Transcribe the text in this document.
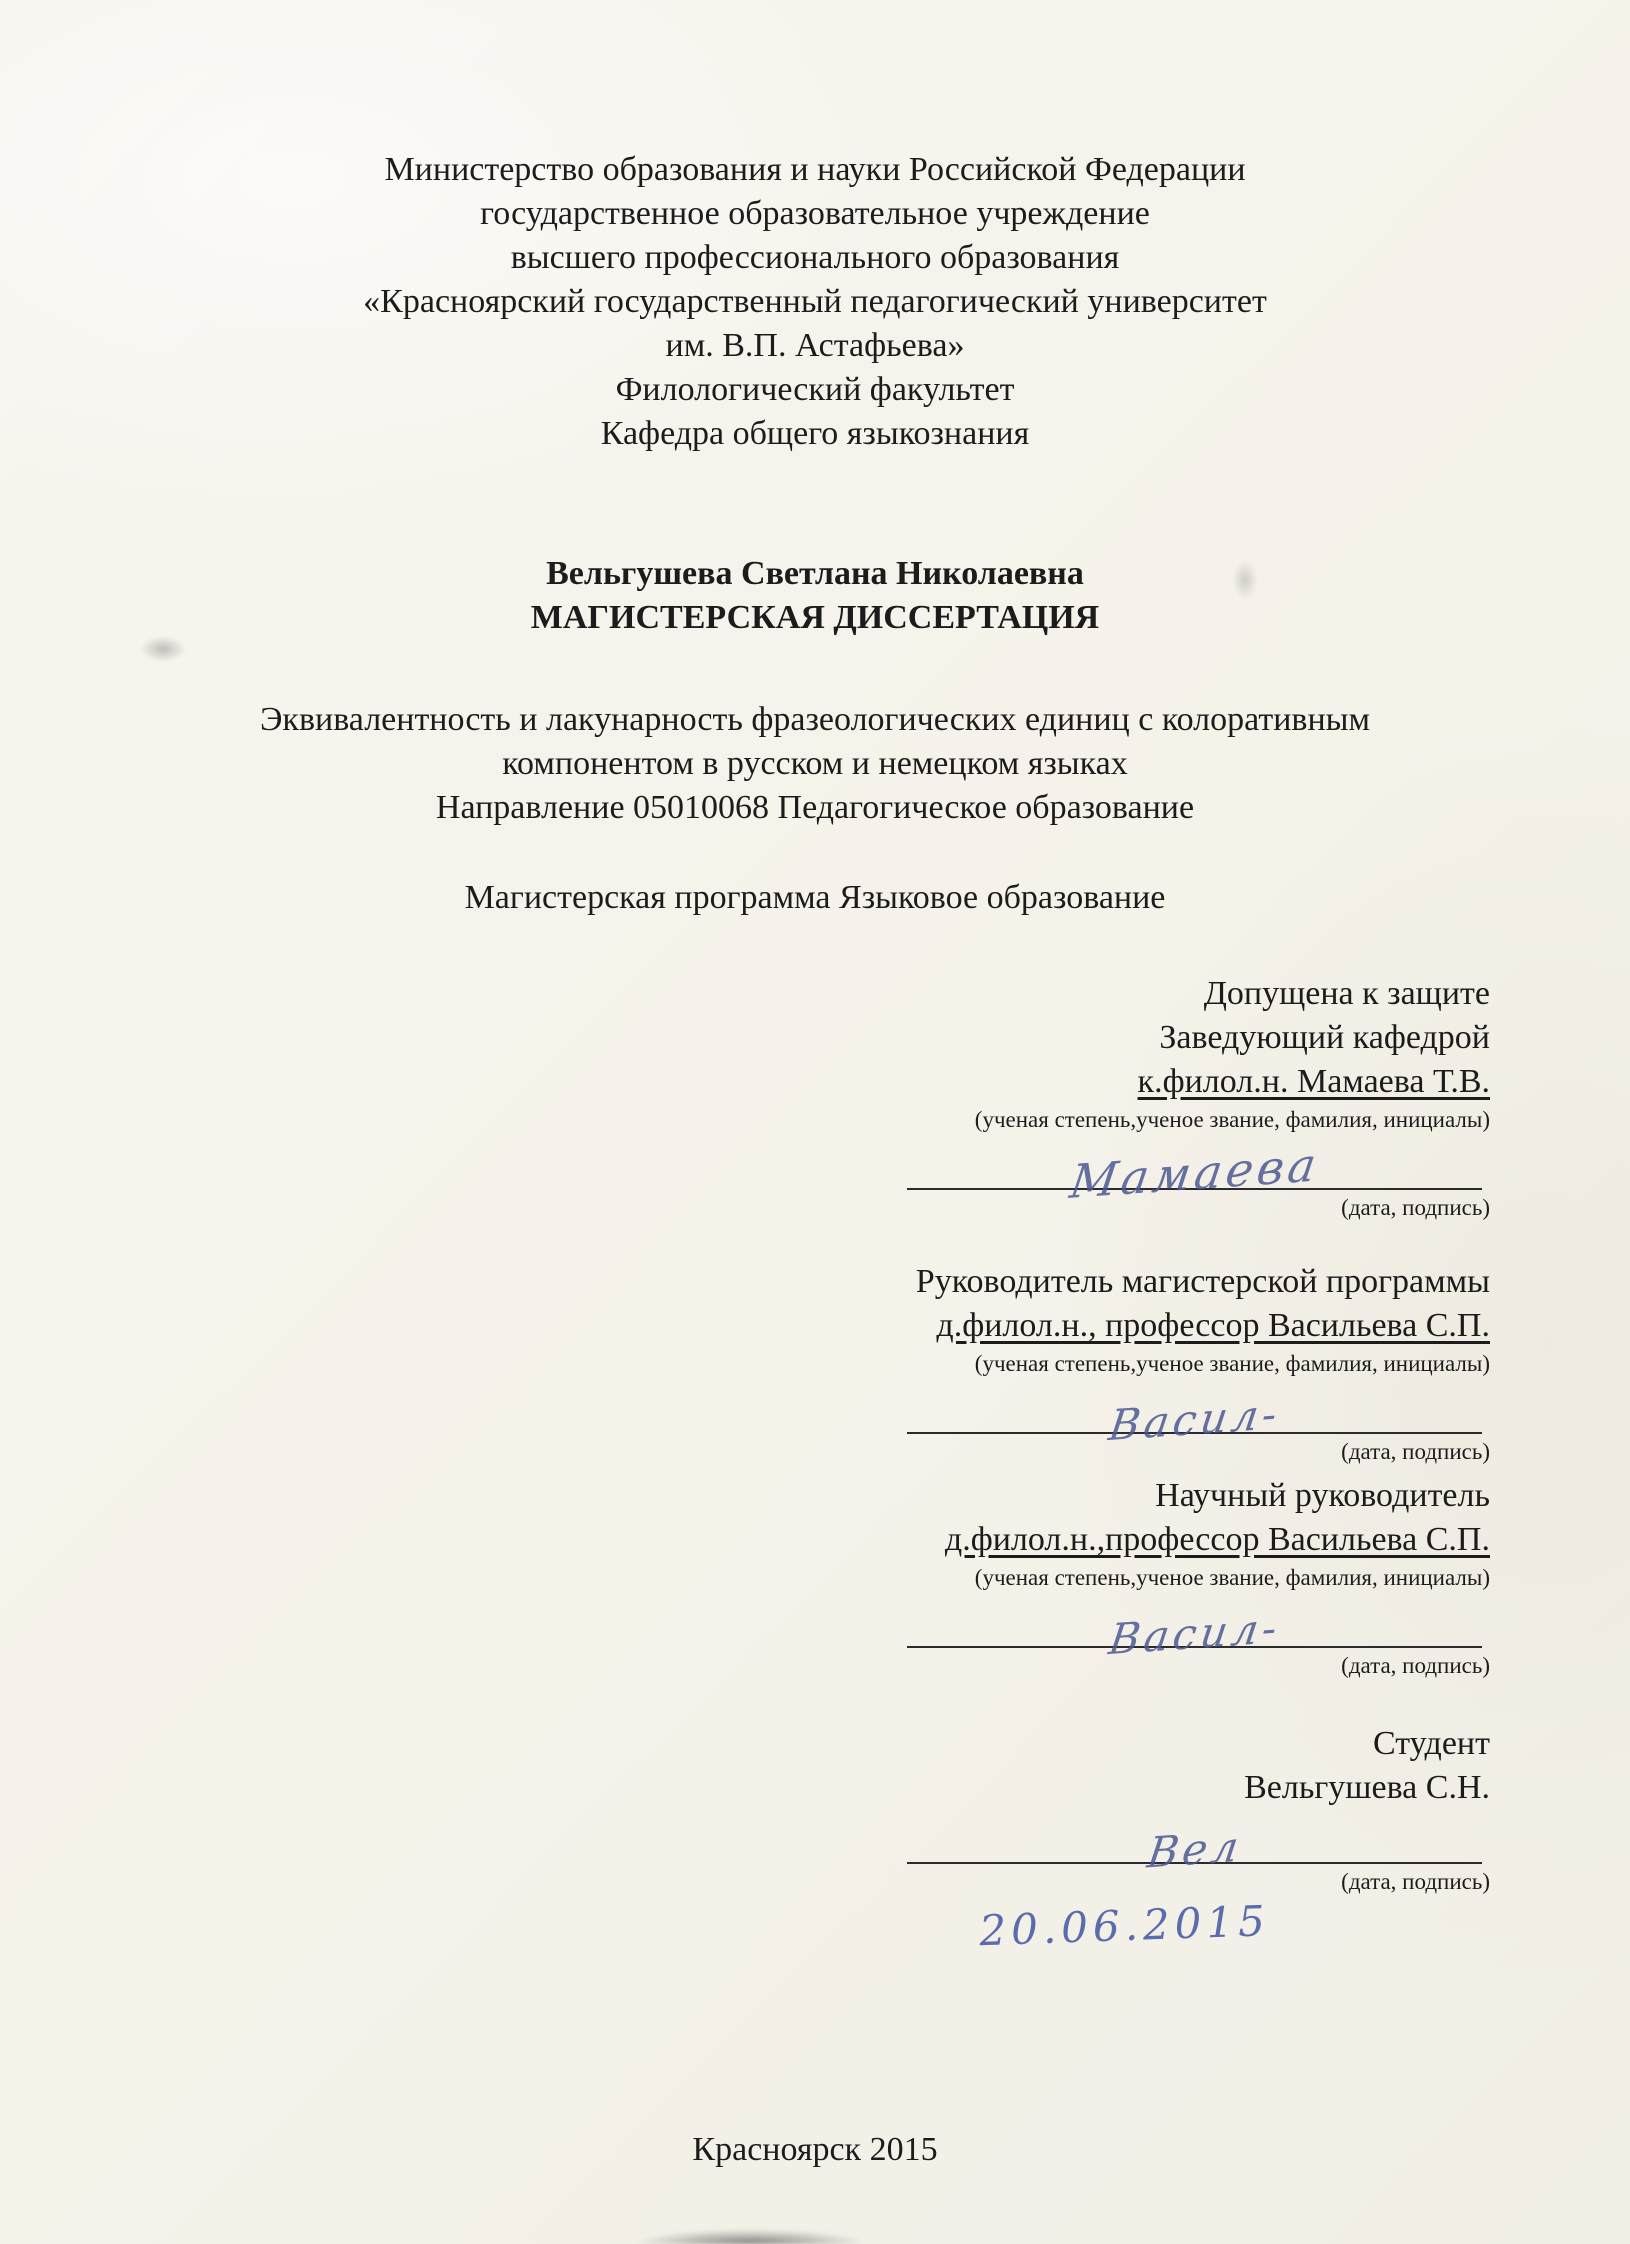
Министерство образования и науки Российской Федерации
государственное образовательное учреждение
высшего профессионального образования
«Красноярский государственный педагогический университет
им. В.П. Астафьева»
Филологический факультет
Кафедра общего языкознания
Вельгушева Светлана Николаевна
МАГИСТЕРСКАЯ ДИССЕРТАЦИЯ
Эквивалентность и лакунарность фразеологических единиц с колоративным
компонентом в русском и немецком языках
Направление 05010068 Педагогическое образование
Магистерская программа Языковое образование
Допущена к защите
Заведующий кафедрой
к.филол.н. Мамаева Т.В.
(ученая степень,ученое звание, фамилия, инициалы)
Мамаева (дата, подпись)
Руководитель магистерской программы
д.филол.н., профессор Васильева С.П.
(ученая степень,ученое звание, фамилия, инициалы)
Васил-
(дата, подпись)
Научный руководитель
д.филол.н.,профессор Васильева С.П.
(ученая степень,ученое звание, фамилия, инициалы)
Васил-
(дата, подпись)
Студент
Вельгушева С.Н.
Вел
(дата, подпись)
20.06.2015
Красноярск 2015
